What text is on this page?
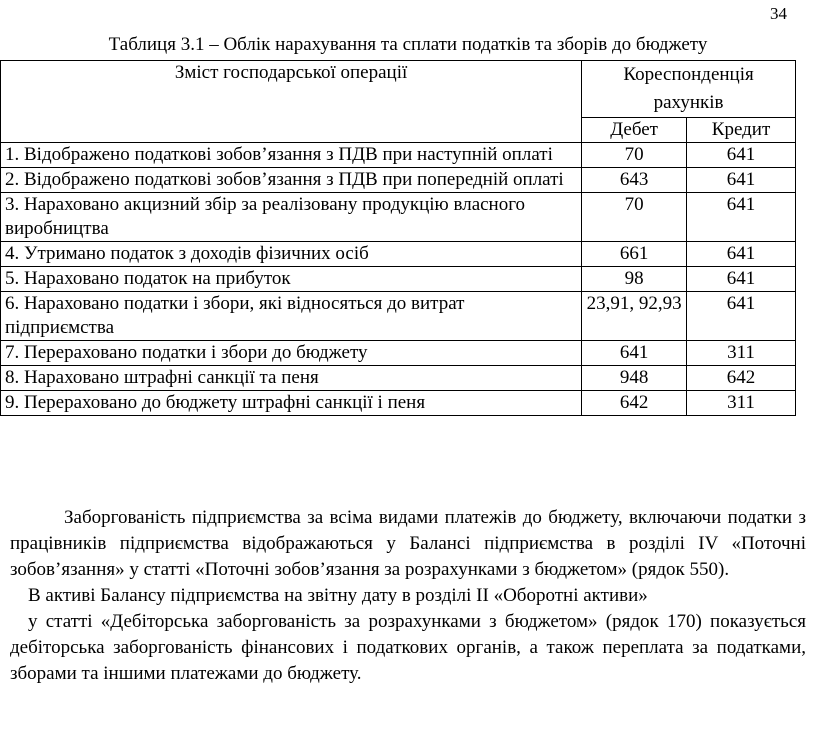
34
Таблиця 3.1 – Облік нарахування та сплати податків та зборів до бюджету
Зміст господарської операції	Кореспонденція рахунків	
	Дебет	Кредит
1. Відображено податкові зобов’язання з ПДВ при наступній оплаті	70	641
2. Відображено податкові зобов’язання з ПДВ при попередній оплаті	643	641
3. Нараховано акцизний збір за реалізовану продукцію власного виробництва	70	641
4. Утримано податок з доходів фізичних осіб	661	641
5. Нараховано податок на прибуток	98	641
6. Нараховано податки і збори, які відносяться до витрат підприємства	23,91, 92,93	641
7. Перераховано податки і збори до бюджету	641	311
8. Нараховано штрафні санкції та пеня	948	642
9. Перераховано до бюджету штрафні санкції і пеня	642	311

Заборгованість підприємства за всіма видами платежів до бюджету, включаючи податки з працівників підприємства відображаються у Балансі підприємства в розділі IV «Поточні зобов’язання» у статті «Поточні зобов’язання за розрахунками з бюджетом» (рядок 550).

В активі Балансу підприємства на звітну дату в розділі II «Оборотні активи»

у статті «Дебіторська заборгованість за розрахунками з бюджетом» (рядок 170) показується дебіторська заборгованість фінансових і податкових органів, а також переплата за податками, зборами та іншими платежами до бюджету.
